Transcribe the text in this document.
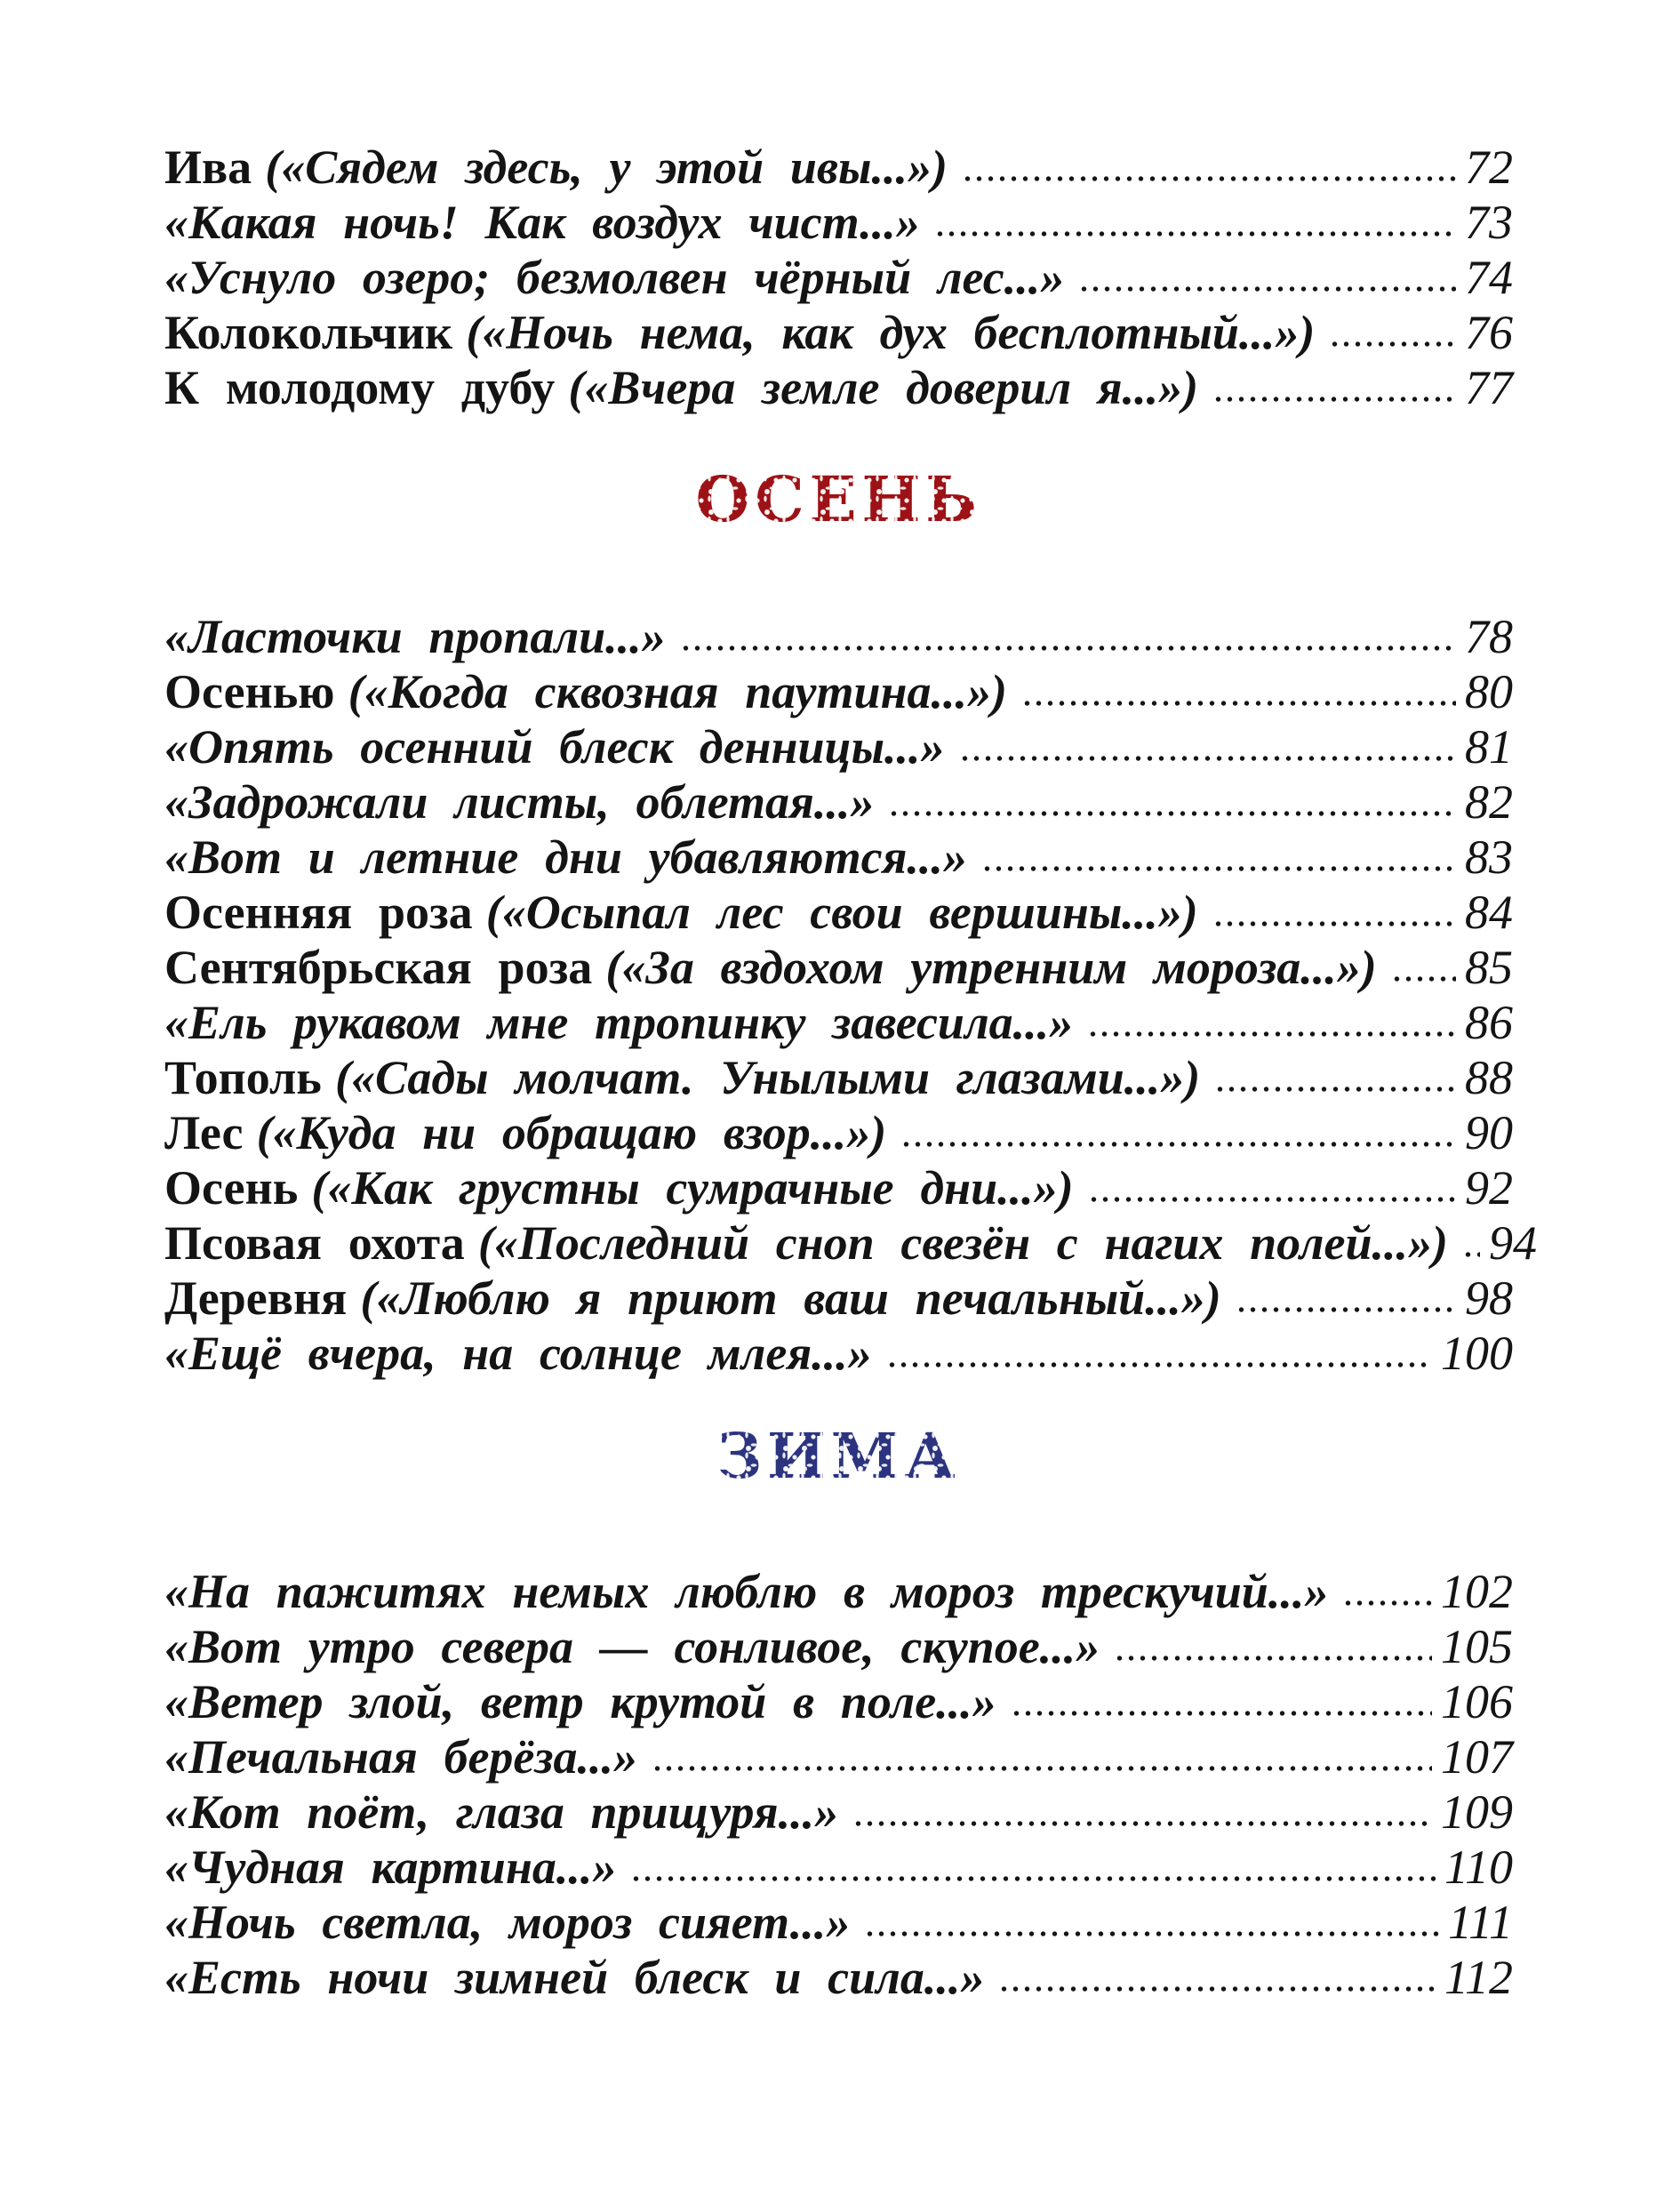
Ива («Сядем здесь, у этой ивы...»)	72
«Какая ночь! Как воздух чист...»	73
«Уснуло озеро; безмолвен чёрный лес...»	74
Колокольчик («Ночь нема, как дух бесплотный...»)	76
К молодому дубу («Вчера земле доверил я...»)	77
ОСЕНЬ
«Ласточки пропали...»	78
Осенью («Когда сквозная паутина...»)	80
«Опять осенний блеск денницы...»	81
«Задрожали листы, облетая...»	82
«Вот и летние дни убавляются...»	83
Осенняя роза («Осыпал лес свои вершины...»)	84
Сентябрьская роза («За вздохом утренним мороза...») 85
«Ель рукавом мне тропинку завесила...»	86
Тополь («Сады молчат. Унылыми глазами...»)	88
Лес («Куда ни обращаю взор...»)	90
Осень («Как грустны сумрачные дни...»)	92
Псовая охота («Последний сноп свезён с нагих полей...») 94
Деревня («Люблю я приют ваш печальный...»)	98
«Ещё вчера, на солнце млея...»	100
ЗИМА
«На пажитях немых люблю в мороз трескучий...» 102
«Вот утро севера — сонливое, скупое...»	105
«Ветер злой, ветр крутой в поле...»	106
«Печальная берёза...»	107
«Кот поёт, глаза прищуря...»	109
«Чудная картина...»	110
«Ночь светла, мороз сияет...»	111
«Есть ночи зимней блеск и сила...»	112
